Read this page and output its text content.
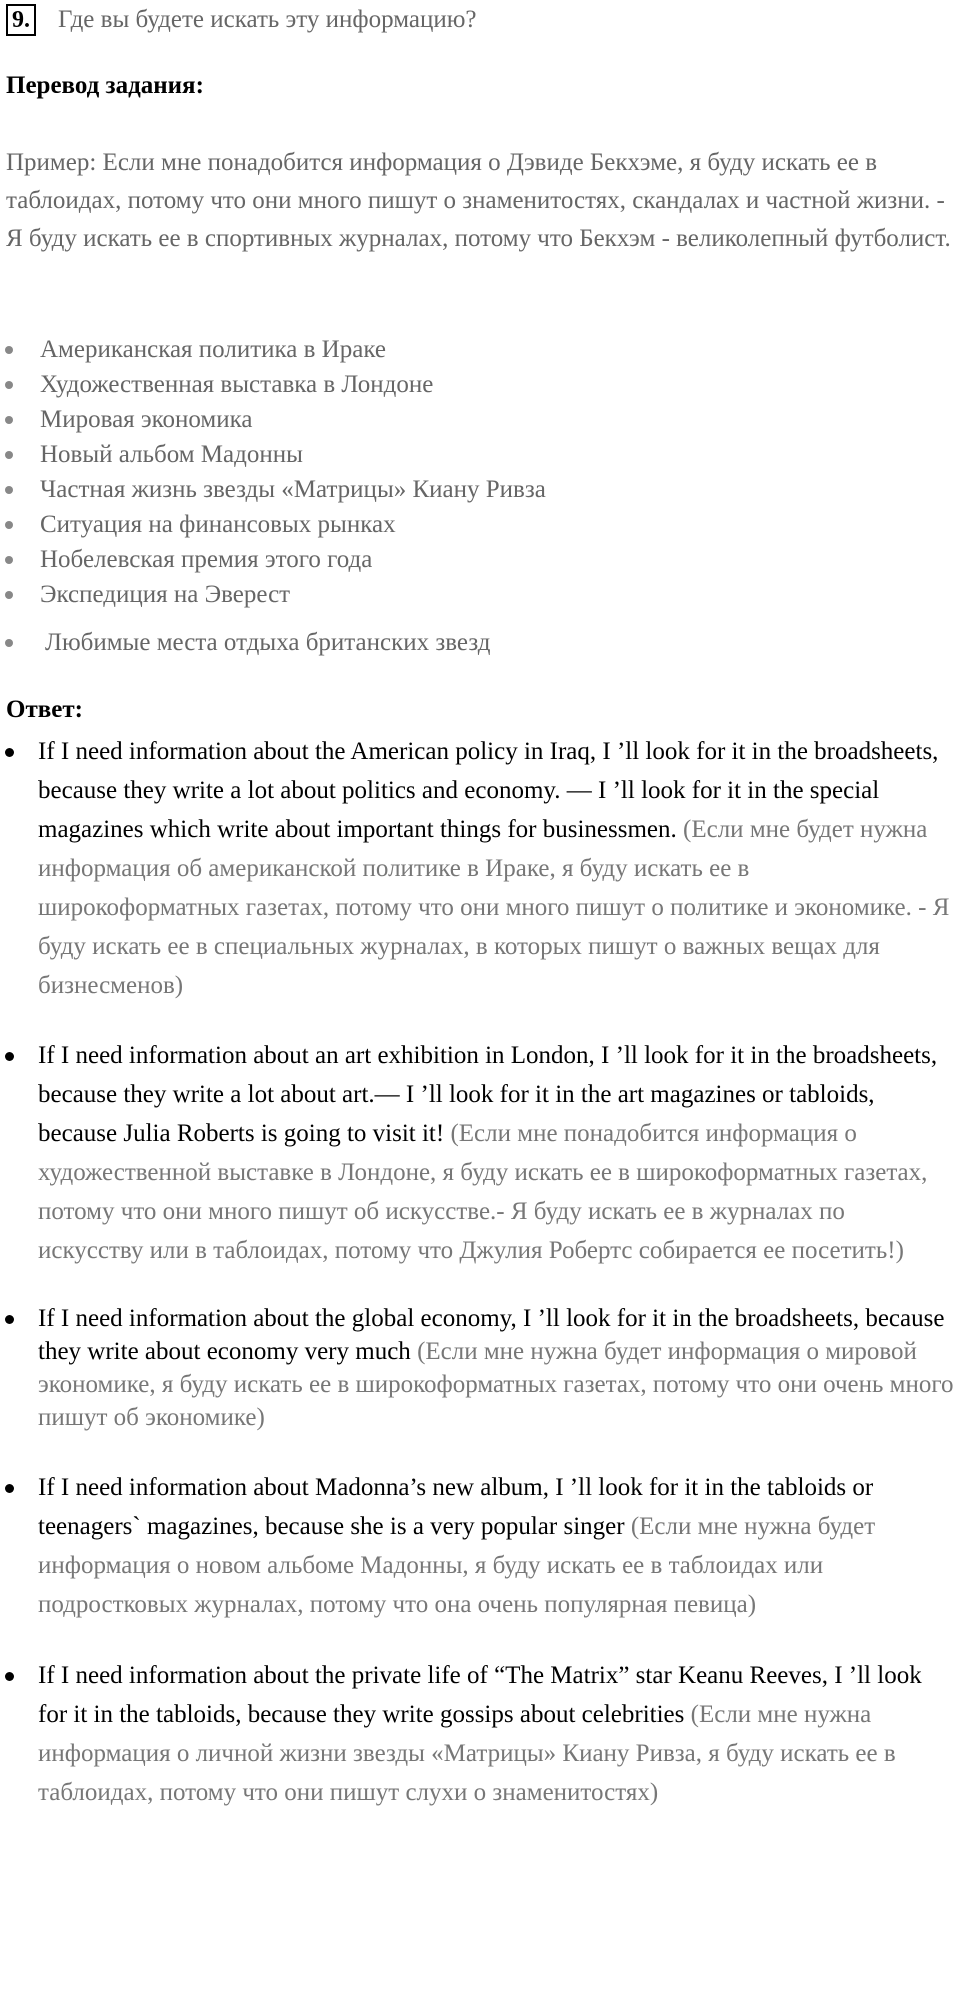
9. Где вы будете искать эту информацию?
Перевод задания:
Пример: Если мне понадобится информация о Дэвиде Бекхэме, я буду искать ее в таблоидах, потому что они много пишут о знаменитостях, скандалах и частной жизни. - Я буду искать ее в спортивных журналах, потому что Бекхэм - великолепный футболист.
Американская политика в Ираке
Художественная выставка в Лондоне
Мировая экономика
Новый альбом Мадонны
Частная жизнь звезды «Матрицы» Киану Ривза
Ситуация на финансовых рынках
Нобелевская премия этого года
Экспедиция на Эверест
Любимые места отдыха британских звезд
Ответ:
If I need information about the American policy in Iraq, I ’ll look for it in the broadsheets, because they write a lot about politics and economy. — I ’ll look for it in the special magazines which write about important things for businessmen. (Если мне будет нужна информация об американской политике в Ираке, я буду искать ее в широкоформатных газетах, потому что они много пишут о политике и экономике. - Я буду искать ее в специальных журналах, в которых пишут о важных вещах для бизнесменов)
If I need information about an art exhibition in London, I ’ll look for it in the broadsheets, because they write a lot about art.— I ’ll look for it in the art magazines or tabloids, because Julia Roberts is going to visit it! (Если мне понадобится информация о художественной выставке в Лондоне, я буду искать ее в широкоформатных газетах, потому что они много пишут об искусстве.- Я буду искать ее в журналах по искусству или в таблоидах, потому что Джулия Робертс собирается ее посетить!)
If I need information about the global economy, I ’ll look for it in the broadsheets, because they write about economy very much (Если мне нужна будет информация о мировой экономике, я буду искать ее в широкоформатных газетах, потому что они очень много пишут об экономике)
If I need information about Madonna’s new album, I ’ll look for it in the tabloids or teenagers` magazines, because she is a very popular singer (Если мне нужна будет информация о новом альбоме Мадонны, я буду искать ее в таблоидах или подростковых журналах, потому что она очень популярная певица)
If I need information about the private life of “The Matrix” star Keanu Reeves, I ’ll look for it in the tabloids, because they write gossips about celebrities (Если мне нужна информация о личной жизни звезды «Матрицы» Киану Ривза, я буду искать ее в таблоидах, потому что они пишут слухи о знаменитостях)
